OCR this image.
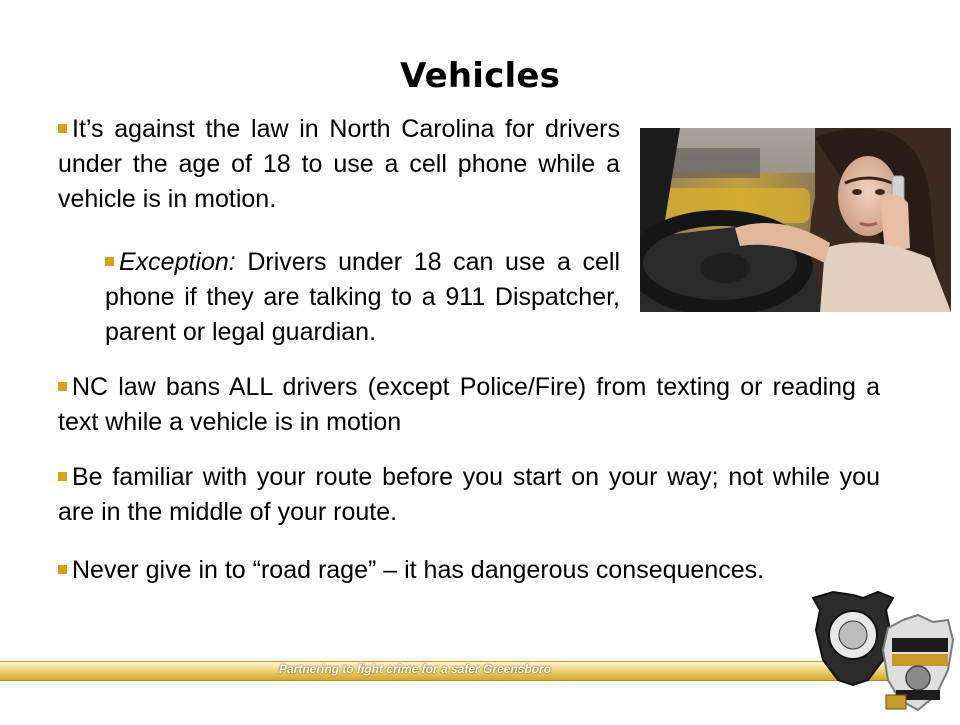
Vehicles
It’s against the law in North Carolina for drivers under the age of 18 to use a cell phone while a vehicle is in motion.
Exception: Drivers under 18 can use a cell phone if they are talking to a 911 Dispatcher, parent or legal guardian.
NC law bans ALL drivers (except Police/Fire) from texting or reading a text while a vehicle is in motion
Be familiar with your route before you start on your way; not while you are in the middle of your route.
Never give in to “road rage” – it has dangerous consequences.
Partnering to fight crime for a safer Greensboro
